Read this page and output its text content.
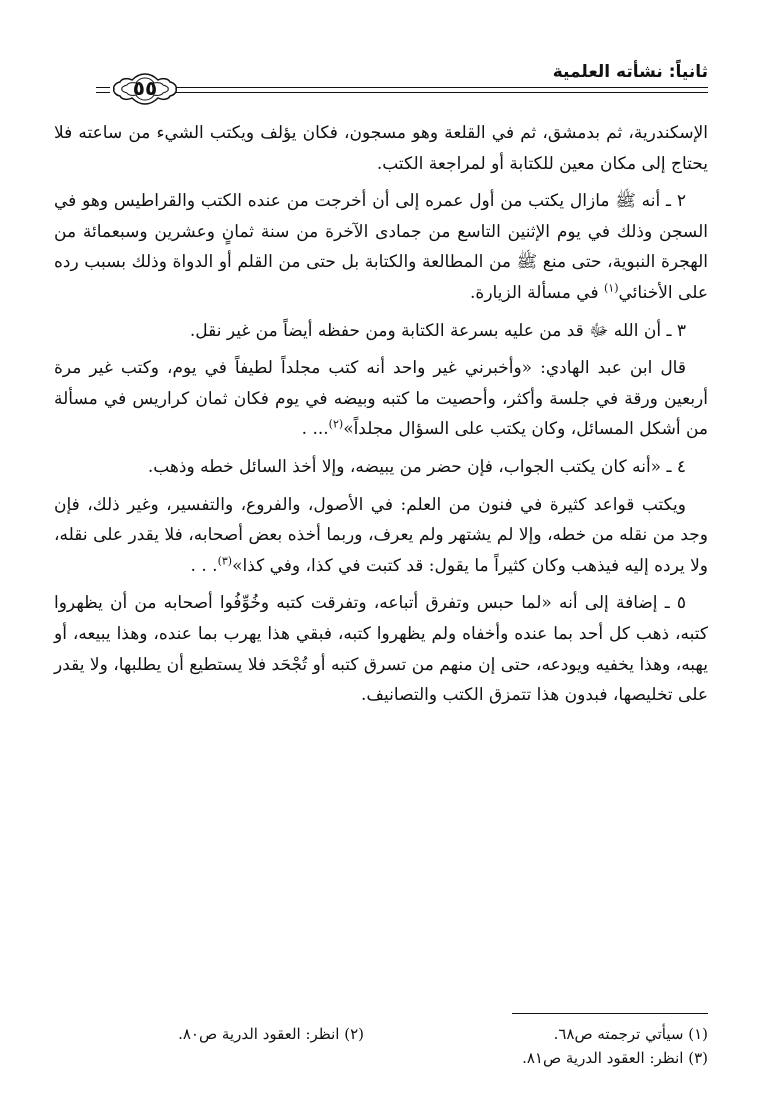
ثانياً: نشأته العلمية
٥٥

الإسكندرية، ثم بدمشق، ثم في القلعة وهو مسجون، فكان يؤلف ويكتب الشيء من ساعته فلا يحتاج إلى مكان معين للكتابة أو لمراجعة الكتب.

٢ ـ أنه ﷺ مازال يكتب من أول عمره إلى أن أخرجت من عنده الكتب والقراطيس وهو في السجن وذلك في يوم الإثنين التاسع من جمادى الآخرة من سنة ثمانٍ وعشرين وسبعمائة من الهجرة النبوية، حتى منع ﷺ من المطالعة والكتابة بل حتى من القلم أو الدواة وذلك بسبب رده على الأخنائي$^{(١)}$ في مسألة الزيارة.

٣ ـ أن الله ﷻ قد من عليه بسرعة الكتابة ومن حفظه أيضاً من غير نقل.

قال ابن عبد الهادي: «وأخبرني غير واحد أنه كتب مجلداً لطيفاً في يوم، وكتب غير مرة أربعين ورقة في جلسة وأكثر، وأحصيت ما كتبه وبيضه في يوم فكان ثمان كراريس في مسألة من أشكل المسائل، وكان يكتب على السؤال مجلداً»$^{(٢)}$... .

٤ ـ «أنه كان يكتب الجواب، فإن حضر من يبيضه، وإلا أخذ السائل خطه وذهب.

ويكتب قواعد كثيرة في فنون من العلم: في الأصول، والفروع، والتفسير، وغير ذلك، فإن وجد من نقله من خطه، وإلا لم يشتهر ولم يعرف، وربما أخذه بعض أصحابه، فلا يقدر على نقله، ولا يرده إليه فيذهب وكان كثيراً ما يقول: قد كتبت في كذا، وفي كذا»$^{(٣)}$. . .

٥ ـ إضافة إلى أنه «لما حبس وتفرق أتباعه، وتفرقت كتبه وخُوِّفُوا أصحابه من أن يظهروا كتبه، ذهب كل أحد بما عنده وأخفاه ولم يظهروا كتبه، فبقي هذا يهرب بما عنده، وهذا يبيعه، أو يهبه، وهذا يخفيه ويودعه، حتى إن منهم من تسرق كتبه أو تُجْحَد فلا يستطيع أن يطلبها، ولا يقدر على تخليصها، فبدون هذا تتمزق الكتب والتصانيف.

(١) سيأتي ترجمته ص٦٨.
(٢) انظر: العقود الدرية ص٨٠.
(٣) انظر: العقود الدرية ص٨١.
